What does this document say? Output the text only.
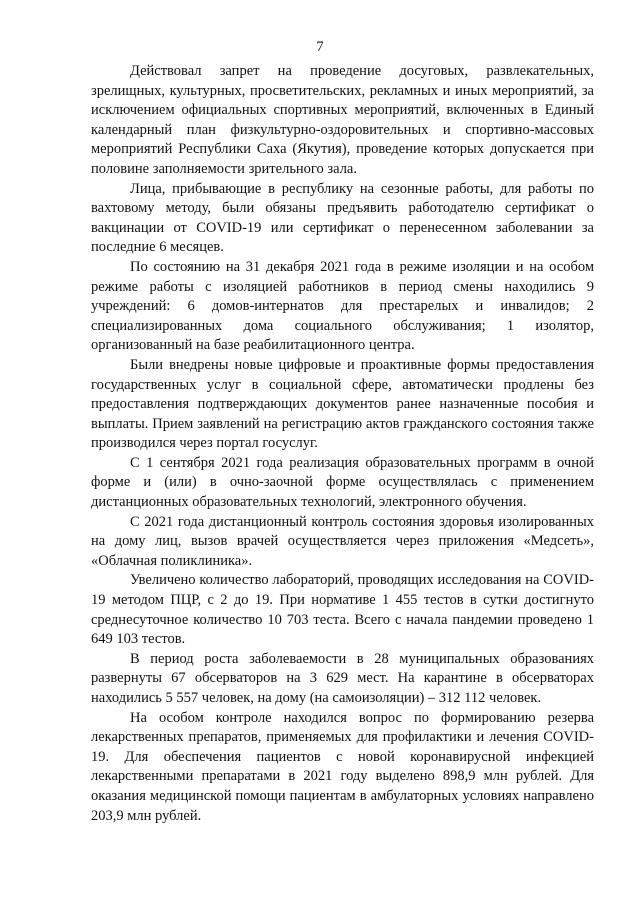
7

Действовал запрет на проведение досуговых, развлекательных, зрелищных, культурных, просветительских, рекламных и иных мероприятий, за исключением официальных спортивных мероприятий, включенных в Единый календарный план физкультурно-оздоровительных и спортивно-массовых мероприятий Республики Саха (Якутия), проведение которых допускается при половине заполняемости зрительного зала.

Лица, прибывающие в республику на сезонные работы, для работы по вахтовому методу, были обязаны предъявить работодателю сертификат о вакцинации от COVID-19 или сертификат о перенесенном заболевании за последние 6 месяцев.

По состоянию на 31 декабря 2021 года в режиме изоляции и на особом режиме работы с изоляцией работников в период смены находились 9 учреждений: 6 домов-интернатов для престарелых и инвалидов; 2 специализированных дома социального обслуживания; 1 изолятор, организованный на базе реабилитационного центра.

Были внедрены новые цифровые и проактивные формы предоставления государственных услуг в социальной сфере, автоматически продлены без предоставления подтверждающих документов ранее назначенные пособия и выплаты. Прием заявлений на регистрацию актов гражданского состояния также производился через портал госуслуг.

С 1 сентября 2021 года реализация образовательных программ в очной форме и (или) в очно-заочной форме осуществлялась с применением дистанционных образовательных технологий, электронного обучения.

С 2021 года дистанционный контроль состояния здоровья изолированных на дому лиц, вызов врачей осуществляется через приложения «Медсеть», «Облачная поликлиника».

Увеличено количество лабораторий, проводящих исследования на COVID-19 методом ПЦР, с 2 до 19. При нормативе 1 455 тестов в сутки достигнуто среднесуточное количество 10 703 теста. Всего с начала пандемии проведено 1 649 103 тестов.

В период роста заболеваемости в 28 муниципальных образованиях развернуты 67 обсерваторов на 3 629 мест. На карантине в обсерваторах находились 5 557 человек, на дому (на самоизоляции) – 312 112 человек.

На особом контроле находился вопрос по формированию резерва лекарственных препаратов, применяемых для профилактики и лечения COVID-19. Для обеспечения пациентов с новой коронавирусной инфекцией лекарственными препаратами в 2021 году выделено 898,9 млн рублей. Для оказания медицинской помощи пациентам в амбулаторных условиях направлено 203,9 млн рублей.
